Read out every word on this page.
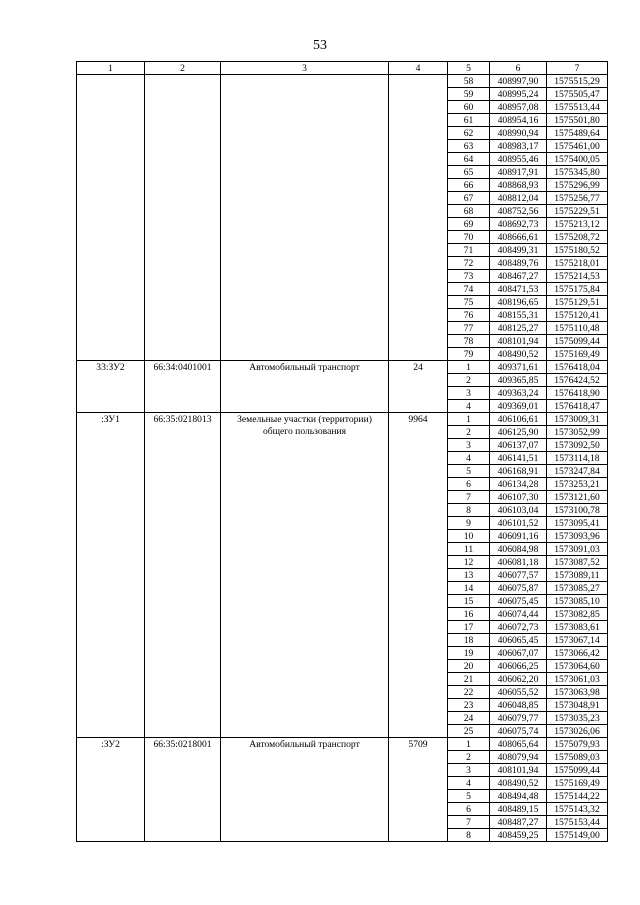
53
1	2	3	4	5	6	7
				58	408997,90	1575515,29
				59	408995,24	1575505,47
				60	408957,08	1575513,44
				61	408954,16	1575501,80
				62	408990,94	1575489,64
				63	408983,17	1575461,00
				64	408955,46	1575400,05
				65	408917,91	1575345,80
				66	408868,93	1575296,99
				67	408812,04	1575256,77
				68	408752,56	1575229,51
				69	408692,73	1575213,12
				70	408666,61	1575208,72
				71	408499,31	1575180,52
				72	408489,76	1575218,01
				73	408467,27	1575214,53
				74	408471,53	1575175,84
				75	408196,65	1575129,51
				76	408155,31	1575120,41
				77	408125,27	1575110,48
				78	408101,94	1575099,44
				79	408490,52	1575169,49
33:ЗУ2	66:34:0401001	Автомобильный транспорт	24	1	409371,61	1576418,04
				2	409365,85	1576424,52
				3	409363,24	1576418,90
				4	409369,01	1576418,47
:ЗУ1	66:35:0218013	Земельные участки (территории) общего пользования	9964	1	406106,61	1573009,31
				2	406125,90	1573052,99
				3	406137,07	1573092,50
				4	406141,51	1573114,18
				5	406168,91	1573247,84
				6	406134,28	1573253,21
				7	406107,30	1573121,60
				8	406103,04	1573100,78
				9	406101,52	1573095,41
				10	406091,16	1573093,96
				11	406084,98	1573091,03
				12	406081,18	1573087,52
				13	406077,57	1573089,11
				14	406075,87	1573085,27
				15	406075,45	1573085,10
				16	406074,44	1573082,85
				17	406072,73	1573083,61
				18	406065,45	1573067,14
				19	406067,07	1573066,42
				20	406066,25	1573064,60
				21	406062,20	1573061,03
				22	406055,52	1573063,98
				23	406048,85	1573048,91
				24	406079,77	1573035,23
				25	406075,74	1573026,06
:ЗУ2	66:35:0218001	Автомобильный транспорт	5709	1	408065,64	1575079,93
				2	408079,94	1575089,03
				3	408101,94	1575099,44
				4	408490,52	1575169,49
				5	408494,48	1575144,22
				6	408489,15	1575143,32
				7	408487,27	1575153,44
				8	408459,25	1575149,00
